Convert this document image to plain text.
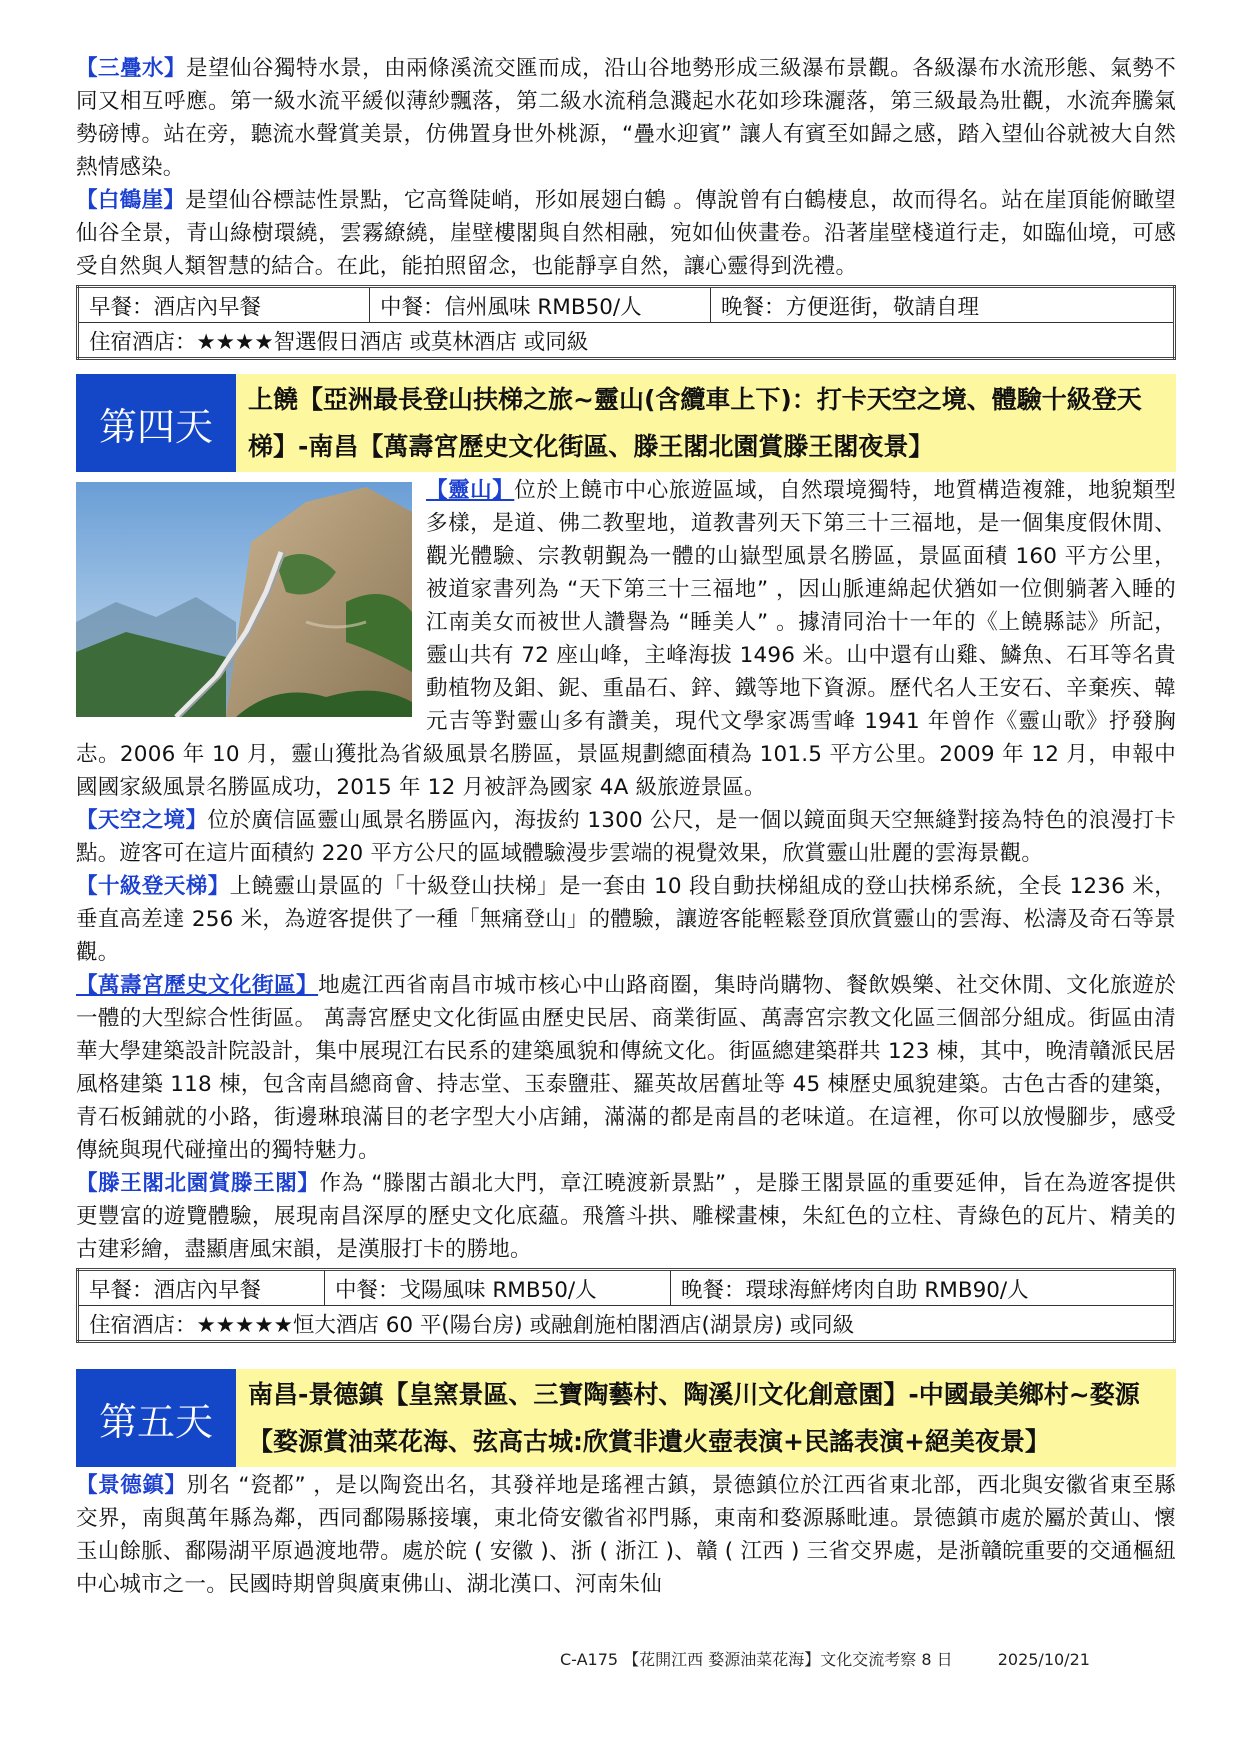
【三疊水】是望仙谷獨特水景，由兩條溪流交匯而成，沿山谷地勢形成三級瀑布景觀。各級瀑布水流形態、氣勢不同又相互呼應。第一級水流平緩似薄紗飄落，第二級水流稍急濺起水花如珍珠灑落，第三級最為壯觀，水流奔騰氣勢磅博。站在旁，聽流水聲賞美景，仿佛置身世外桃源，“疊水迎賓” 讓人有賓至如歸之感，踏入望仙谷就被大自然熱情感染。

【白鶴崖】是望仙谷標誌性景點，它高聳陡峭，形如展翅白鶴 。傳說曾有白鶴棲息，故而得名。站在崖頂能俯瞰望仙谷全景，青山綠樹環繞，雲霧繚繞，崖壁樓閣與自然相融，宛如仙俠畫卷。沿著崖壁棧道行走，如臨仙境，可感受自然與人類智慧的結合。在此，能拍照留念，也能靜享自然，讓心靈得到洗禮。

早餐：酒店內早餐	中餐：信州風味 RMB50/人	晚餐：方便逛街，敬請自理
住宿酒店：★★★★智選假日酒店 或莫林酒店 或同級
第四天
上饒【亞洲最長登山扶梯之旅~靈山(含纜車上下)：打卡天空之境、體驗十級登天梯】-南昌【萬壽宮歷史文化街區、滕王閣北園賞滕王閣夜景】

【靈山】位於上饒市中心旅遊區域，自然環境獨特，地質構造複雜，地貌類型多樣，是道、佛二教聖地，道教書列天下第三十三福地，是一個集度假休閒、觀光體驗、宗教朝覲為一體的山嶽型風景名勝區，景區面積 160 平方公里，被道家書列為 “天下第三十三福地” ，因山脈連綿起伏猶如一位側躺著入睡的江南美女而被世人讚譽為 “睡美人” 。據清同治十一年的《上饒縣誌》所記，靈山共有 72 座山峰，主峰海拔 1496 米。山中還有山雞、鱗魚、石耳等名貴動植物及鉬、鈮、重晶石、鋅、鐵等地下資源。歷代名人王安石、辛棄疾、韓元吉等對靈山多有讚美，現代文學家馮雪峰 1941 年曾作《靈山歌》抒發胸志。2006 年 10 月，靈山獲批為省級風景名勝區，景區規劃總面積為 101.5 平方公里。2009 年 12 月，申報中國國家級風景名勝區成功，2015 年 12 月被評為國家 4A 級旅遊景區。

【天空之境】位於廣信區靈山風景名勝區內，海拔約 1300 公尺，是一個以鏡面與天空無縫對接為特色的浪漫打卡點。遊客可在這片面積約 220 平方公尺的區域體驗漫步雲端的視覺效果，欣賞靈山壯麗的雲海景觀。

【十級登天梯】上饒靈山景區的「十級登山扶梯」是一套由 10 段自動扶梯組成的登山扶梯系統，全長 1236 米，垂直高差達 256 米，為遊客提供了一種「無痛登山」的體驗，讓遊客能輕鬆登頂欣賞靈山的雲海、松濤及奇石等景觀。

【萬壽宮歷史文化街區】地處江西省南昌市城市核心中山路商圈，集時尚購物、餐飲娛樂、社交休閒、文化旅遊於一體的大型綜合性街區。 萬壽宮歷史文化街區由歷史民居、商業街區、萬壽宮宗教文化區三個部分組成。街區由清華大學建築設計院設計，集中展現江右民系的建築風貌和傳統文化。街區總建築群共 123 棟，其中，晚清贛派民居風格建築 118 棟，包含南昌總商會、持志堂、玉泰鹽莊、羅英故居舊址等 45 棟歷史風貌建築。古色古香的建築，青石板鋪就的小路，街邊琳琅滿目的老字型大小店鋪，滿滿的都是南昌的老味道。在這裡，你可以放慢腳步，感受傳統與現代碰撞出的獨特魅力。

【滕王閣北園賞滕王閣】作為 “滕閣古韻北大門，章江曉渡新景點” ，是滕王閣景區的重要延伸，旨在為遊客提供更豐富的遊覽體驗，展現南昌深厚的歷史文化底蘊。飛簷斗拱、雕樑畫棟，朱紅色的立柱、青綠色的瓦片、精美的古建彩繪，盡顯唐風宋韻，是漢服打卡的勝地。

早餐：酒店內早餐	中餐：戈陽風味 RMB50/人	晚餐：環球海鮮烤肉自助 RMB90/人
住宿酒店：★★★★★恒大酒店 60 平(陽台房) 或融創施柏閣酒店(湖景房) 或同級
第五天
南昌-景德鎮【皇窯景區、三寶陶藝村、陶溪川文化創意園】-中國最美鄉村~婺源【婺源賞油菜花海、弦高古城:欣賞非遺火壺表演+民謠表演+絕美夜景】

【景德鎮】別名 “瓷都” ，是以陶瓷出名，其發祥地是瑤裡古鎮，景德鎮位於江西省東北部，西北與安徽省東至縣交界，南與萬年縣為鄰，西同鄱陽縣接壤，東北倚安徽省祁門縣，東南和婺源縣毗連。景德鎮市處於屬於黃山、懷玉山餘脈、鄱陽湖平原過渡地帶。處於皖 ( 安徽 )、浙 ( 浙江 )、贛 ( 江西 ) 三省交界處，是浙贛皖重要的交通樞紐中心城市之一。民國時期曾與廣東佛山、湖北漢口、河南朱仙

C-A175 【花開江西 婺源油菜花海】文化交流考察 8 日	2025/10/21
